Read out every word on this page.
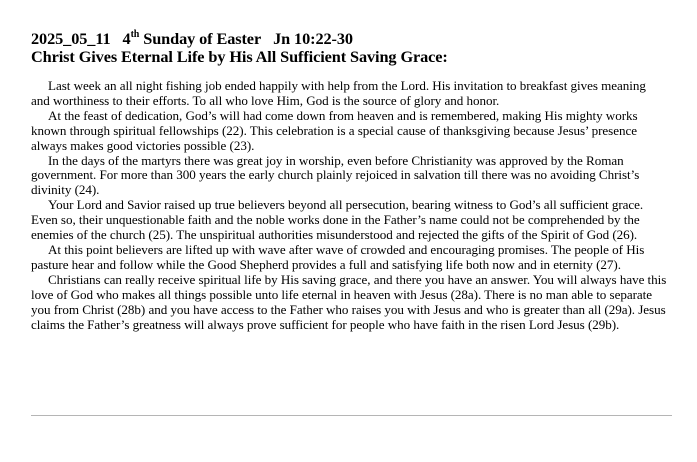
2025_05_11 4th Sunday of Easter Jn 10:22-30
Christ Gives Eternal Life by His All Sufficient Saving Grace:

Last week an all night fishing job ended happily with help from the Lord. His invitation to breakfast gives meaning and worthiness to their efforts. To all who love Him, God is the source of glory and honor.

At the feast of dedication, God’s will had come down from heaven and is remembered, making His mighty works known through spiritual fellowships (22). This celebration is a special cause of thanksgiving because Jesus’ presence always makes good victories possible (23).

In the days of the martyrs there was great joy in worship, even before Christianity was approved by the Roman government. For more than 300 years the early church plainly rejoiced in salvation till there was no avoiding Christ’s divinity (24).

Your Lord and Savior raised up true believers beyond all persecution, bearing witness to God’s all sufficient grace. Even so, their unquestionable faith and the noble works done in the Father’s name could not be comprehended by the enemies of the church (25). The unspiritual authorities misunderstood and rejected the gifts of the Spirit of God (26).

At this point believers are lifted up with wave after wave of crowded and encouraging promises. The people of His pasture hear and follow while the Good Shepherd provides a full and satisfying life both now and in eternity (27).

Christians can really receive spiritual life by His saving grace, and there you have an answer. You will always have this love of God who makes all things possible unto life eternal in heaven with Jesus (28a). There is no man able to separate you from Christ (28b) and you have access to the Father who raises you with Jesus and who is greater than all (29a). Jesus claims the Father’s greatness will always prove sufficient for people who have faith in the risen Lord Jesus (29b).
